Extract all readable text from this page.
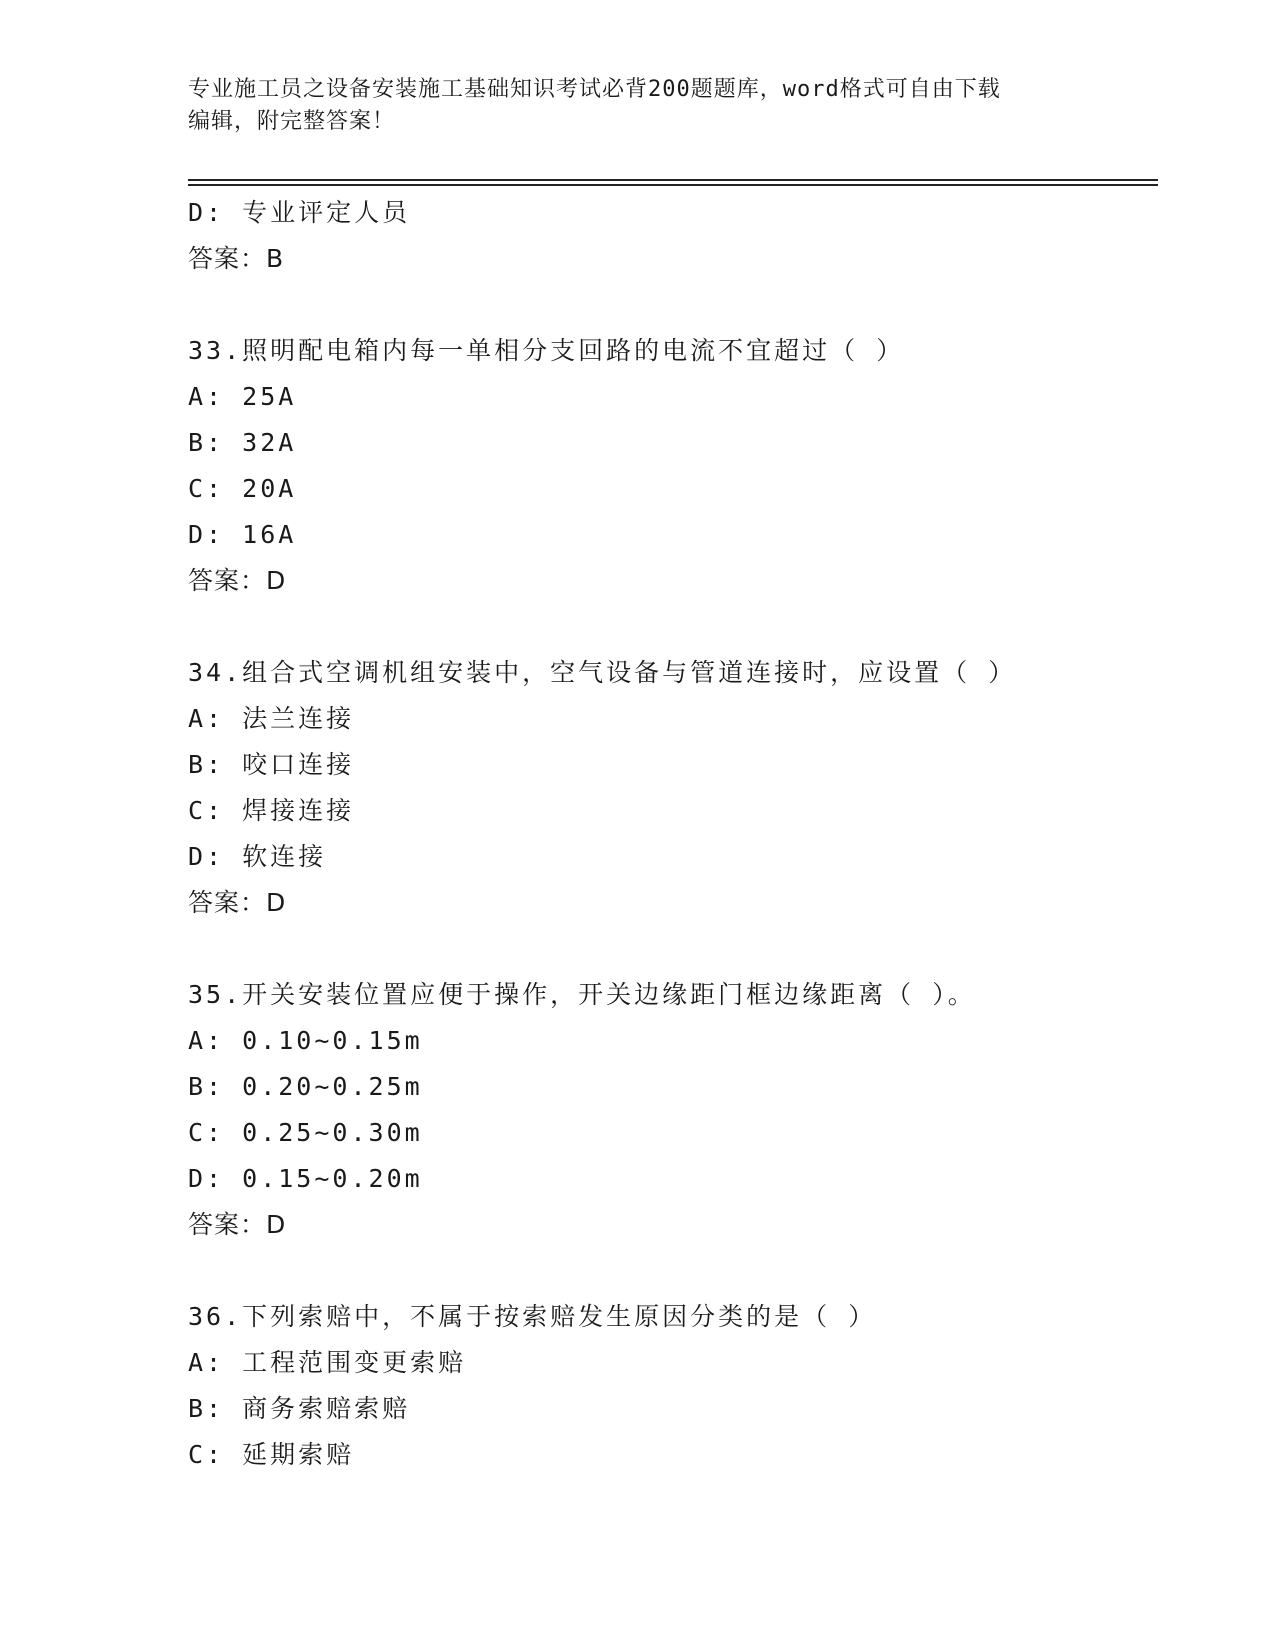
专业施工员之设备安装施工基础知识考试必背200题题库，word格式可自由下载
编辑，附完整答案！
D: 专业评定人员
答案：B
33.照明配电箱内每一单相分支回路的电流不宜超过（ ）
A: 25A
B: 32A
C: 20A
D: 16A
答案：D
34.组合式空调机组安装中，空气设备与管道连接时，应设置（ ）
A: 法兰连接
B: 咬口连接
C: 焊接连接
D: 软连接
答案：D
35.开关安装位置应便于操作，开关边缘距门框边缘距离（ ）。
A: 0.10~0.15m
B: 0.20~0.25m
C: 0.25~0.30m
D: 0.15~0.20m
答案：D
36.下列索赔中，不属于按索赔发生原因分类的是（ ）
A: 工程范围变更索赔
B: 商务索赔索赔
C: 延期索赔
